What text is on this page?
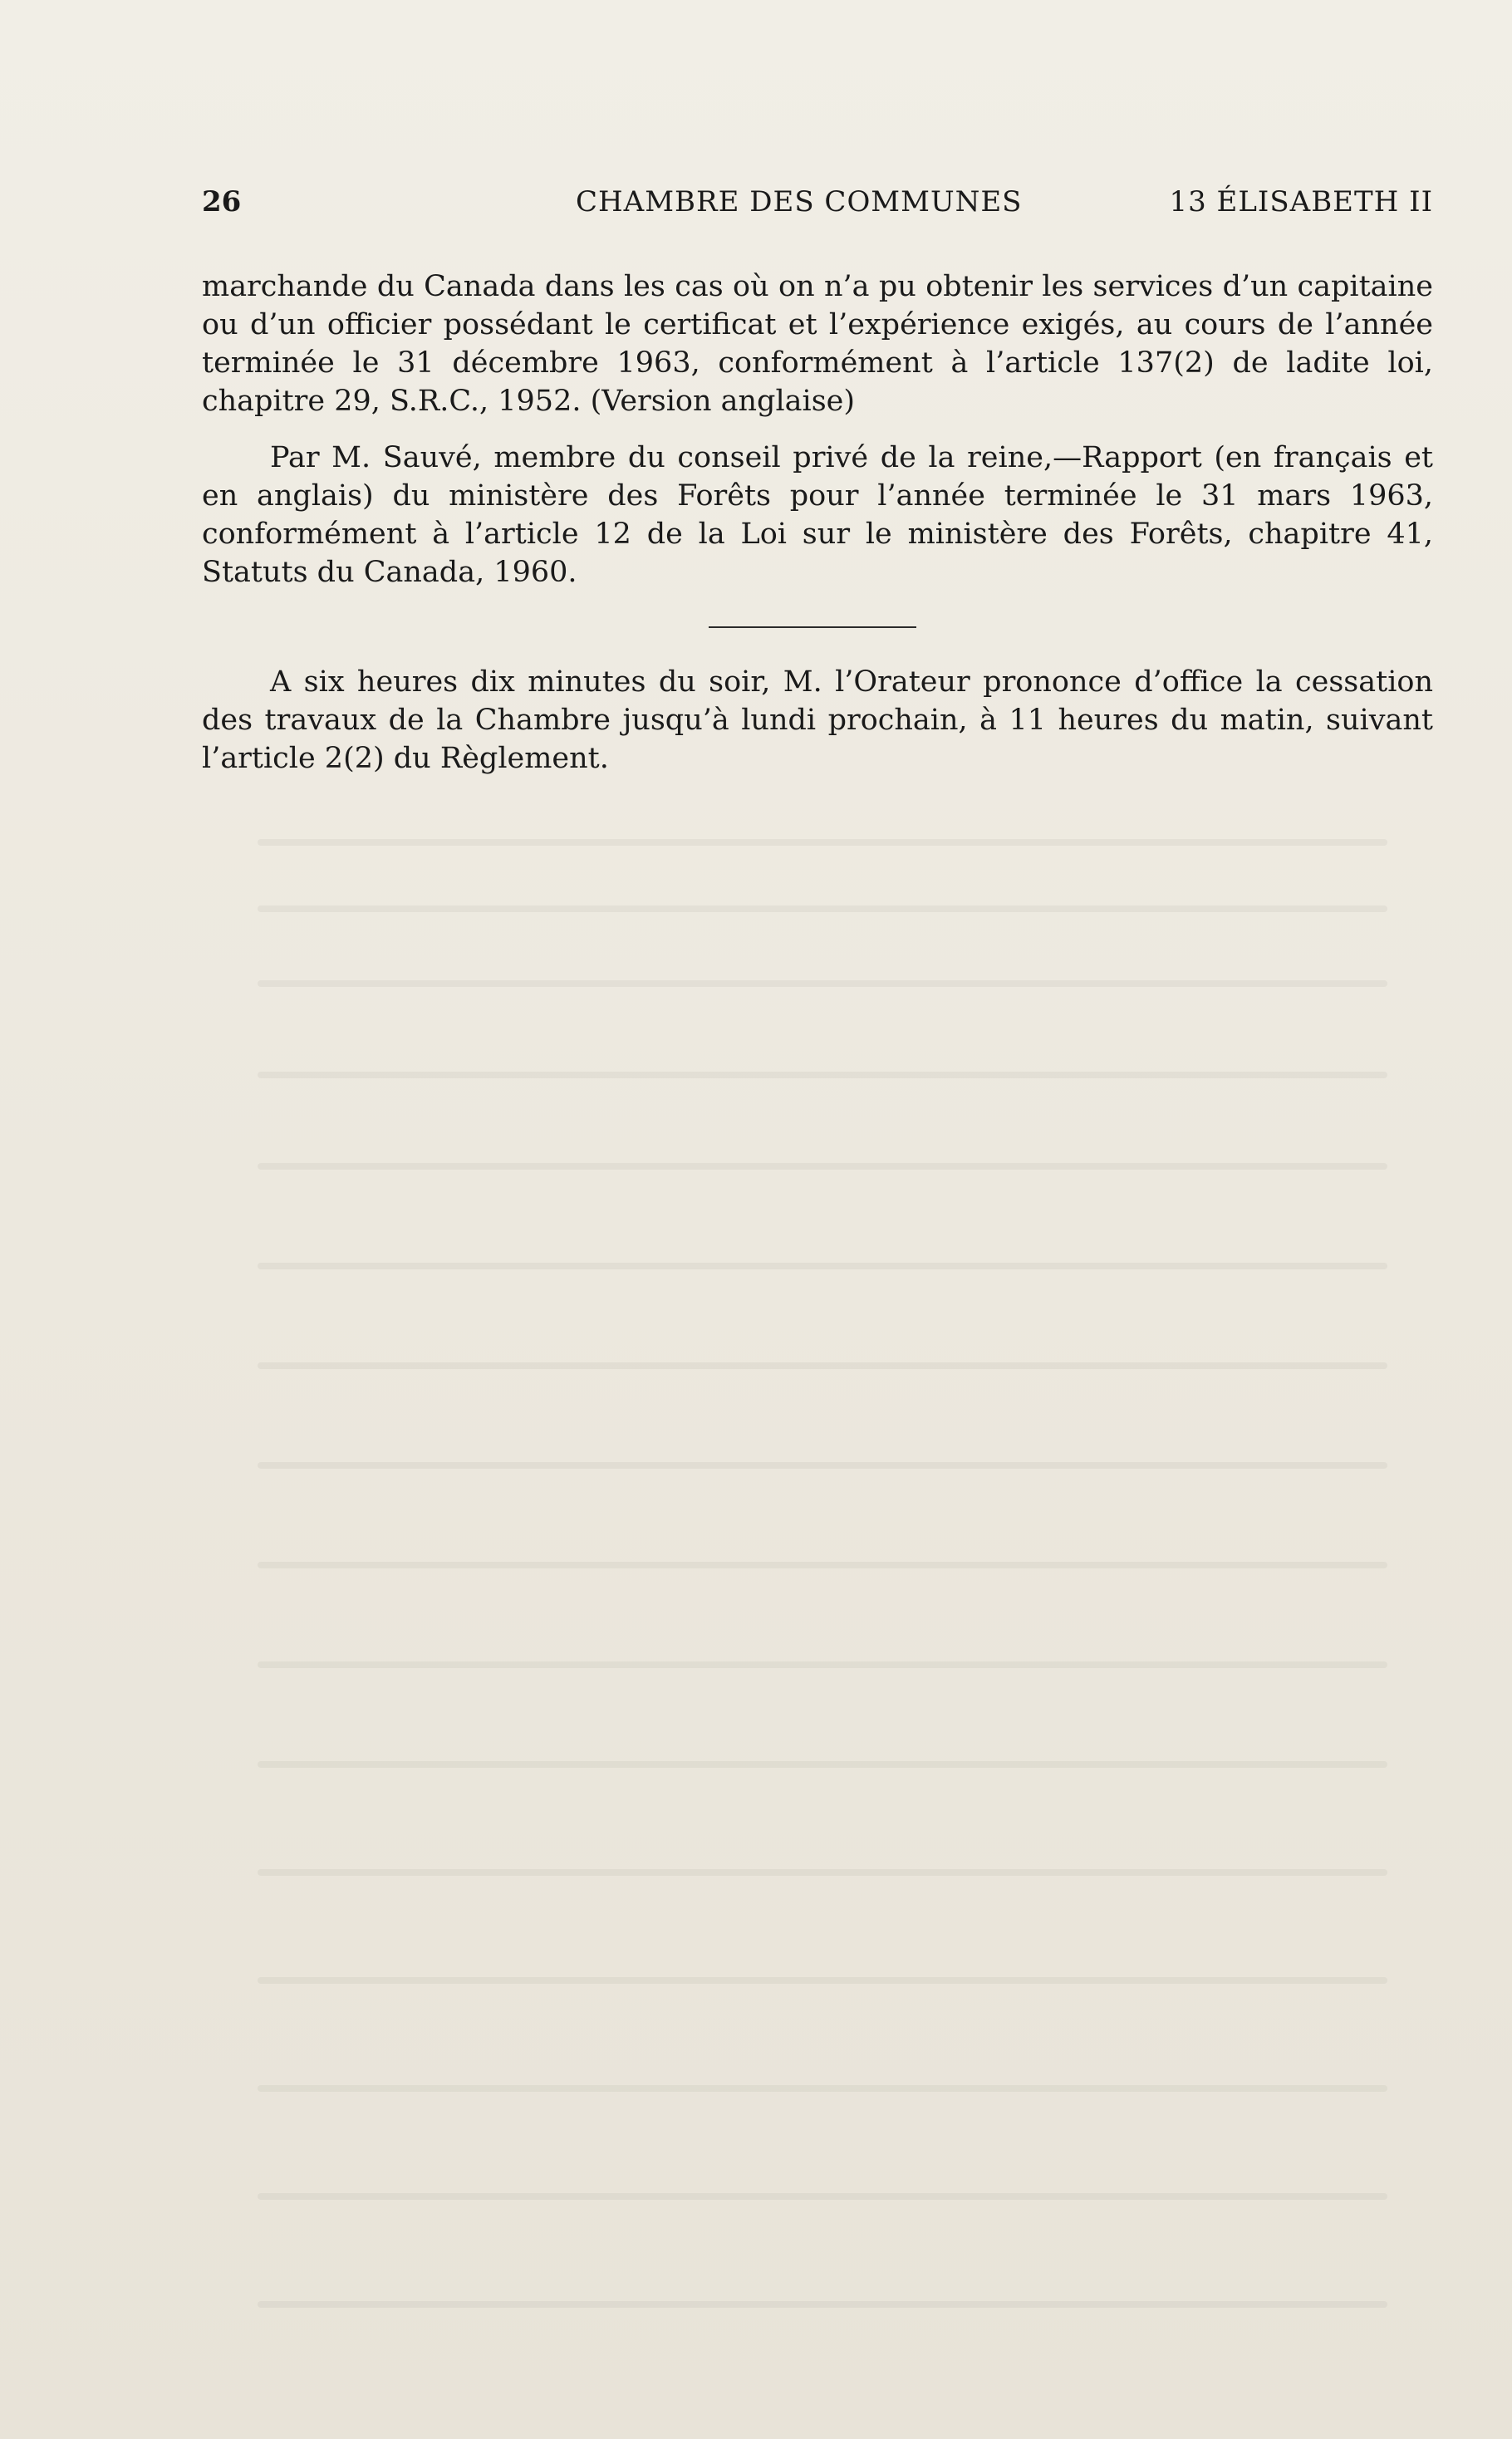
26	CHAMBRE DES COMMUNES	13 ÉLISABETH II

marchande du Canada dans les cas où on n’a pu obtenir les services d’un capitaine ou d’un officier possédant le certificat et l’expérience exigés, au cours de l’année terminée le 31 décembre 1963, conformément à l’article 137(2) de ladite loi, chapitre 29, S.R.C., 1952. (Version anglaise)

Par M. Sauvé, membre du conseil privé de la reine,—Rapport (en français et en anglais) du ministère des Forêts pour l’année terminée le 31 mars 1963, conformément à l’article 12 de la Loi sur le ministère des Forêts, chapitre 41, Statuts du Canada, 1960.

A six heures dix minutes du soir, M. l’Orateur prononce d’office la cessation des travaux de la Chambre jusqu’à lundi prochain, à 11 heures du matin, suivant l’article 2(2) du Règlement.
